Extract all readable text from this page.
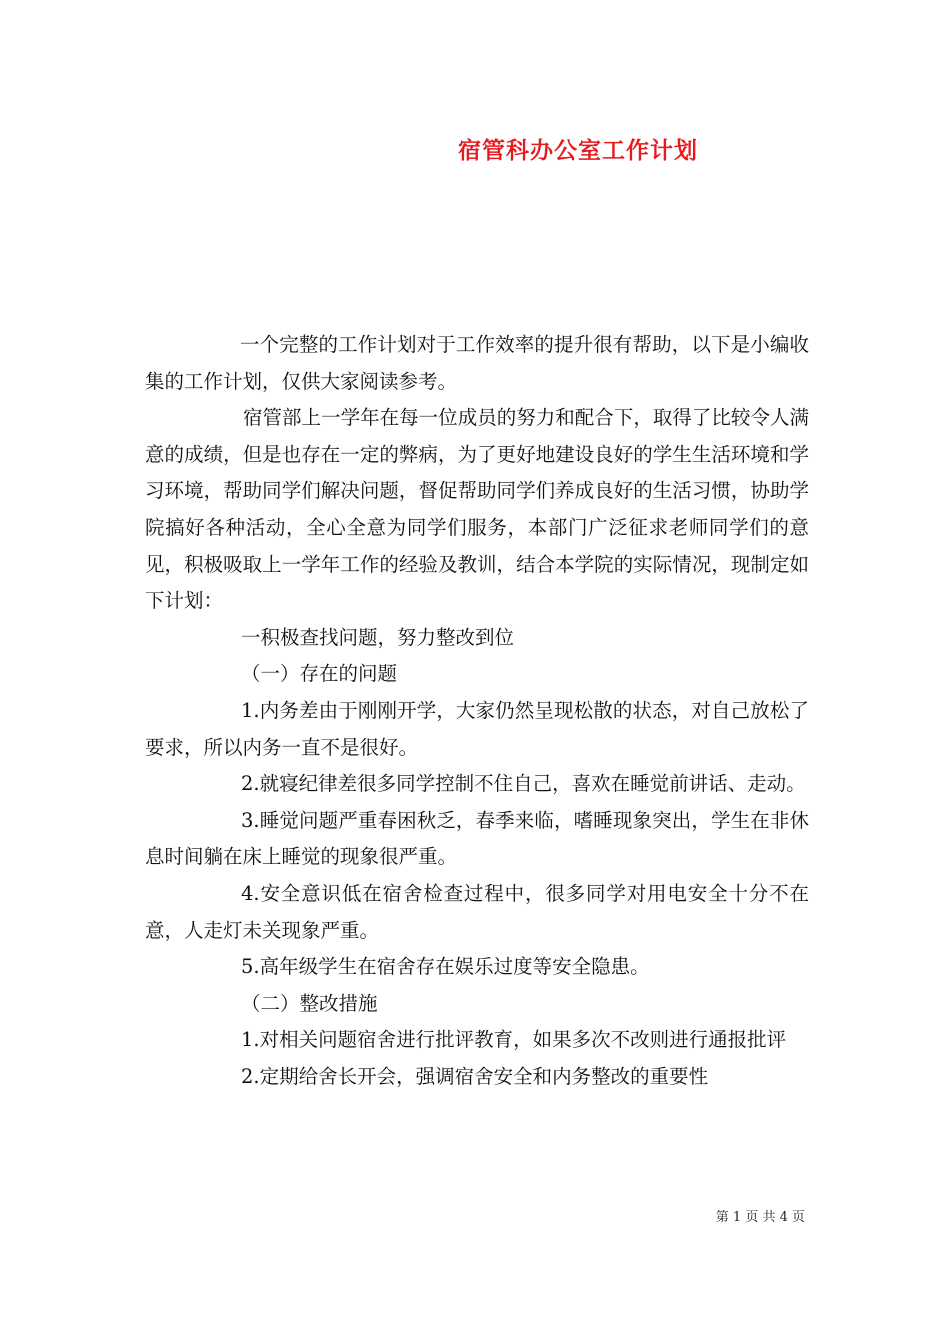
宿管科办公室工作计划

一个完整的工作计划对于工作效率的提升很有帮助，以下是小编收集的工作计划，仅供大家阅读参考。

宿管部上一学年在每一位成员的努力和配合下，取得了比较令人满意的成绩，但是也存在一定的弊病，为了更好地建设良好的学生生活环境和学习环境，帮助同学们解决问题，督促帮助同学们养成良好的生活习惯，协助学院搞好各种活动，全心全意为同学们服务，本部门广泛征求老师同学们的意见，积极吸取上一学年工作的经验及教训，结合本学院的实际情况，现制定如下计划：

一积极查找问题，努力整改到位

（一）存在的问题

1.内务差由于刚刚开学，大家仍然呈现松散的状态，对自己放松了要求，所以内务一直不是很好。

2.就寝纪律差很多同学控制不住自己，喜欢在睡觉前讲话、走动。

3.睡觉问题严重春困秋乏，春季来临，嗜睡现象突出，学生在非休息时间躺在床上睡觉的现象很严重。

4.安全意识低在宿舍检查过程中，很多同学对用电安全十分不在意，人走灯未关现象严重。

5.高年级学生在宿舍存在娱乐过度等安全隐患。

（二）整改措施

1.对相关问题宿舍进行批评教育，如果多次不改则进行通报批评

2.定期给舍长开会，强调宿舍安全和内务整改的重要性

第 1 页 共 4 页
